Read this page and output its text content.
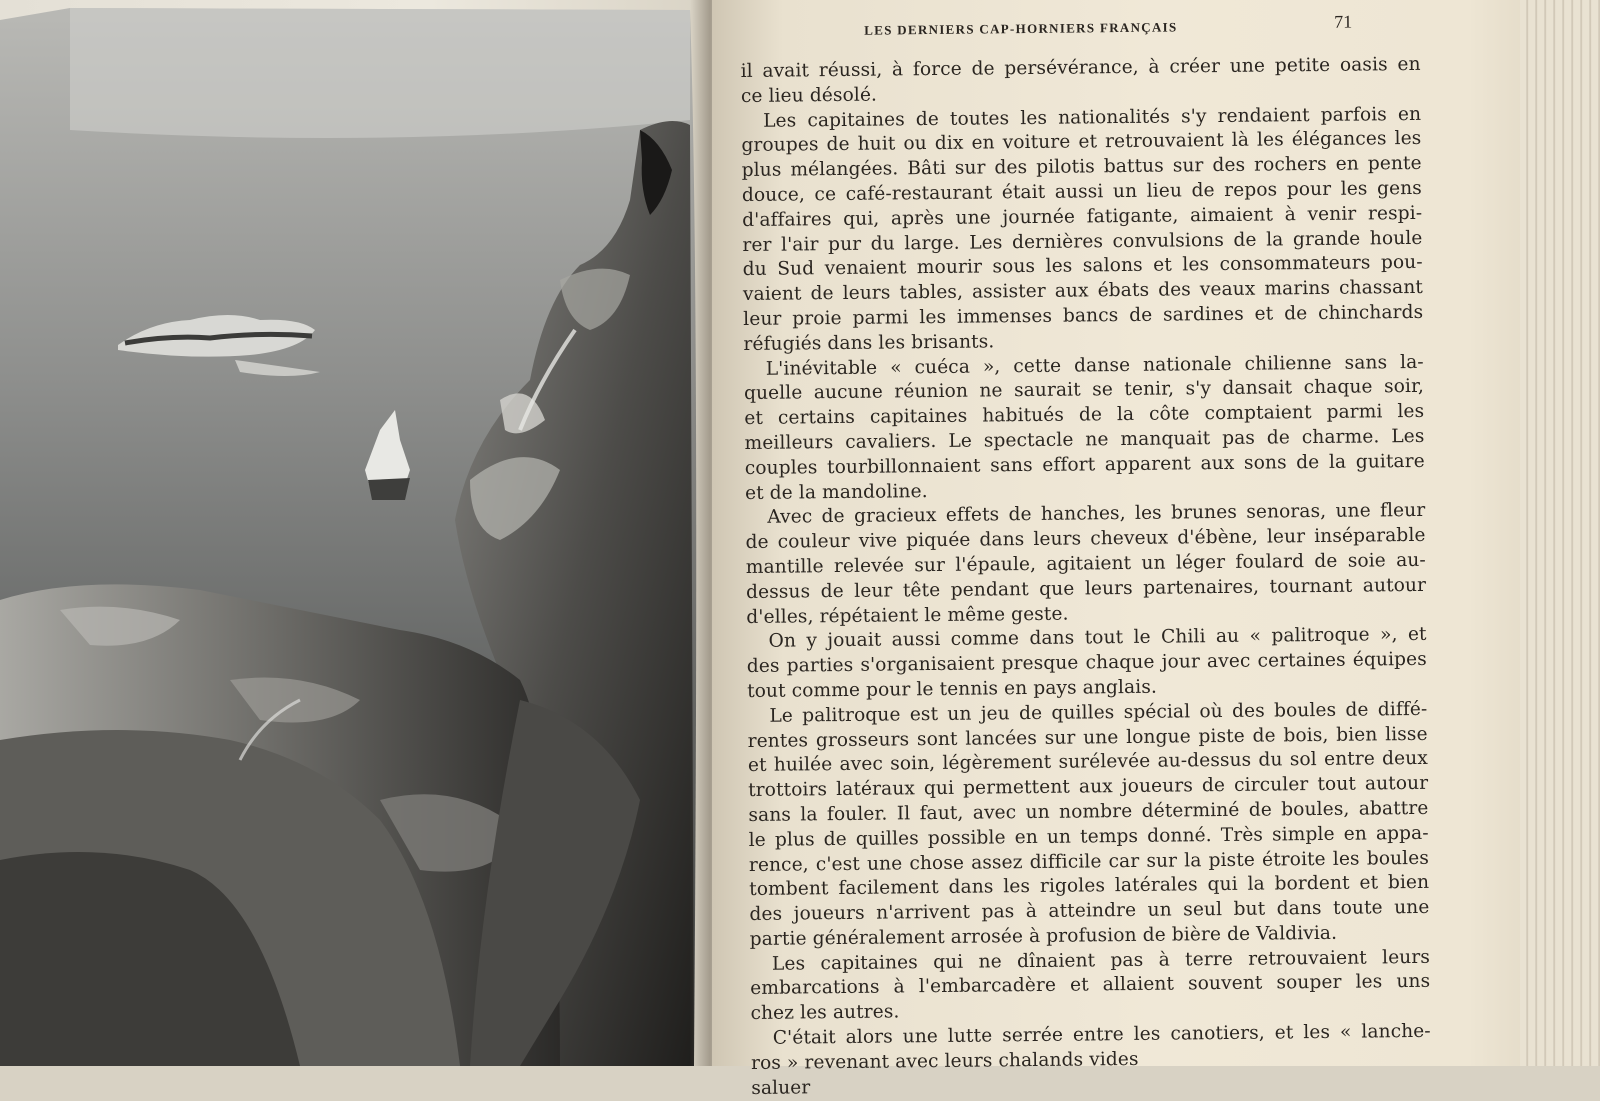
LES DERNIERS CAP-HORNIERS FRANÇAIS	71
il avait réussi, à force de persévérance, à créer une petite oasis en
ce lieu désolé.
Les capitaines de toutes les nationalités s'y rendaient parfois en
groupes de huit ou dix en voiture et retrouvaient là les élégances les
plus mélangées. Bâti sur des pilotis battus sur des rochers en pente
douce, ce café-restaurant était aussi un lieu de repos pour les gens
d'affaires qui, après une journée fatigante, aimaient à venir respi-
rer l'air pur du large. Les dernières convulsions de la grande houle
du Sud venaient mourir sous les salons et les consommateurs pou-
vaient de leurs tables, assister aux ébats des veaux marins chassant
leur proie parmi les immenses bancs de sardines et de chinchards
réfugiés dans les brisants.
L'inévitable « cuéca », cette danse nationale chilienne sans la-
quelle aucune réunion ne saurait se tenir, s'y dansait chaque soir,
et certains capitaines habitués de la côte comptaient parmi les
meilleurs cavaliers. Le spectacle ne manquait pas de charme. Les
couples tourbillonnaient sans effort apparent aux sons de la guitare
et de la mandoline.
Avec de gracieux effets de hanches, les brunes senoras, une fleur
de couleur vive piquée dans leurs cheveux d'ébène, leur inséparable
mantille relevée sur l'épaule, agitaient un léger foulard de soie au-
dessus de leur tête pendant que leurs partenaires, tournant autour
d'elles, répétaient le même geste.
On y jouait aussi comme dans tout le Chili au « palitroque », et
des parties s'organisaient presque chaque jour avec certaines équipes
tout comme pour le tennis en pays anglais.
Le palitroque est un jeu de quilles spécial où des boules de diffé-
rentes grosseurs sont lancées sur une longue piste de bois, bien lisse
et huilée avec soin, légèrement surélevée au-dessus du sol entre deux
trottoirs latéraux qui permettent aux joueurs de circuler tout autour
sans la fouler. Il faut, avec un nombre déterminé de boules, abattre
le plus de quilles possible en un temps donné. Très simple en appa-
rence, c'est une chose assez difficile car sur la piste étroite les boules
tombent facilement dans les rigoles latérales qui la bordent et bien
des joueurs n'arrivent pas à atteindre un seul but dans toute une
partie généralement arrosée à profusion de bière de Valdivia.
Les capitaines qui ne dînaient pas à terre retrouvaient leurs
embarcations à l'embarcadère et allaient souvent souper les uns
chez les autres.
C'était alors une lutte serrée entre les canotiers, et les « lanche-
ros » revenant avec leurs chalands vides
saluer
